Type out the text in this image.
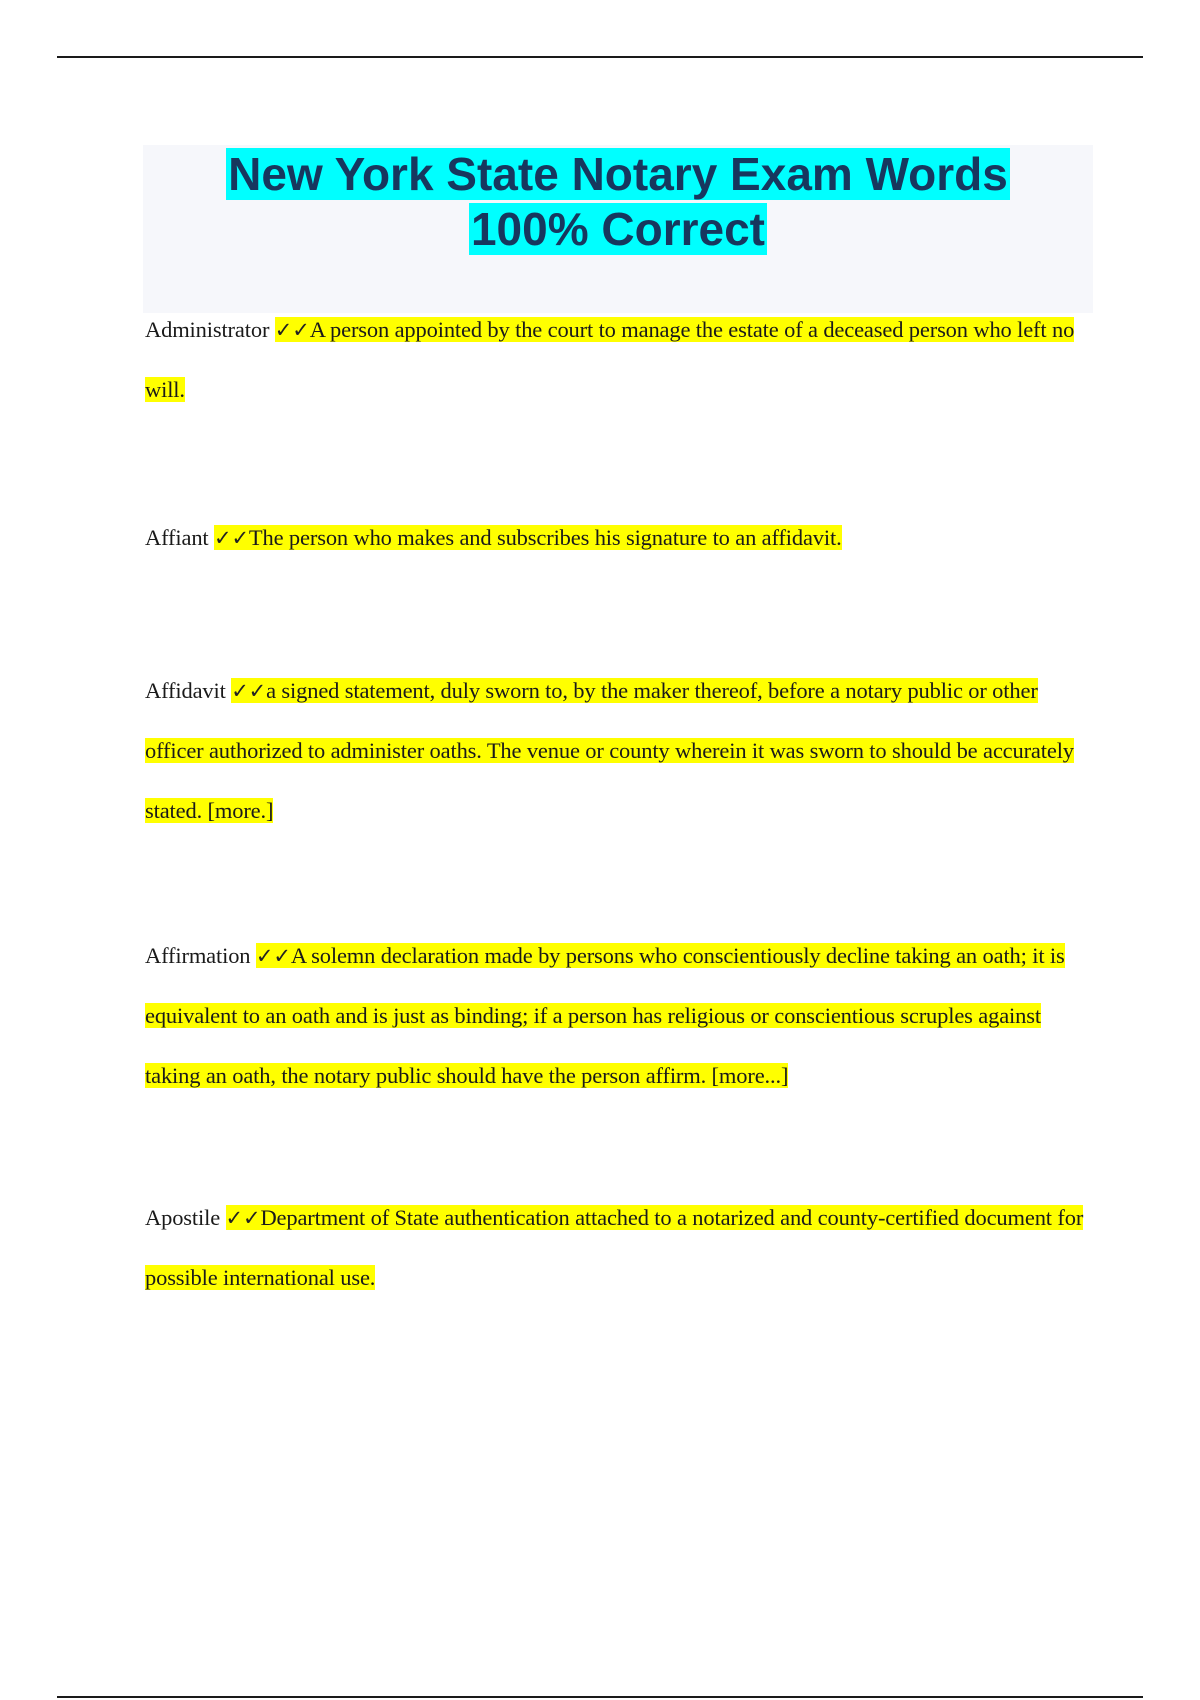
New York State Notary Exam Words
100% Correct
Administrator ✓✓A person appointed by the court to manage the estate of a deceased person who left no will.
Affiant ✓✓The person who makes and subscribes his signature to an affidavit.
Affidavit ✓✓a signed statement, duly sworn to, by the maker thereof, before a notary public or other officer authorized to administer oaths. The venue or county wherein it was sworn to should be accurately stated. [more.]
Affirmation ✓✓A solemn declaration made by persons who conscientiously decline taking an oath; it is equivalent to an oath and is just as binding; if a person has religious or conscientious scruples against taking an oath, the notary public should have the person affirm. [more...]
Apostile ✓✓Department of State authentication attached to a notarized and county-certified document for possible international use.
